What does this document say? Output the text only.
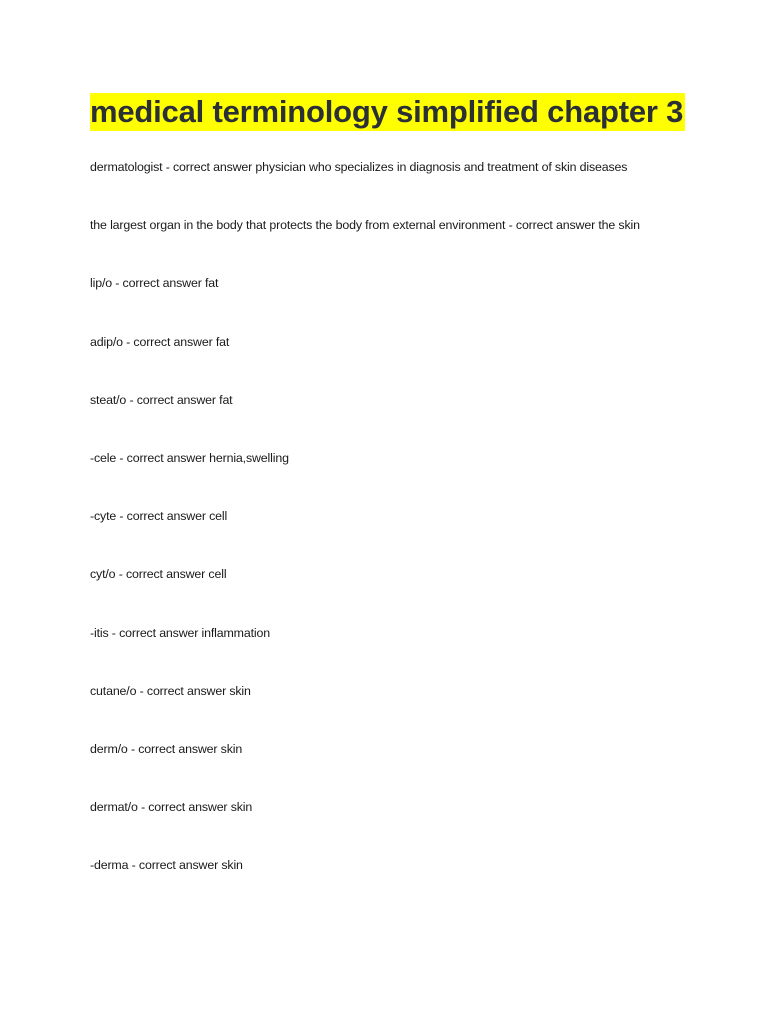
medical terminology simplified chapter 3
dermatologist - correct answer physician who specializes in diagnosis and treatment of skin diseases
the largest organ in the body that protects the body from external environment - correct answer the skin
lip/o - correct answer fat
adip/o - correct answer fat
steat/o - correct answer fat
-cele - correct answer hernia,swelling
-cyte - correct answer cell
cyt/o - correct answer cell
-itis - correct answer inflammation
cutane/o - correct answer skin
derm/o - correct answer skin
dermat/o - correct answer skin
-derma - correct answer skin
